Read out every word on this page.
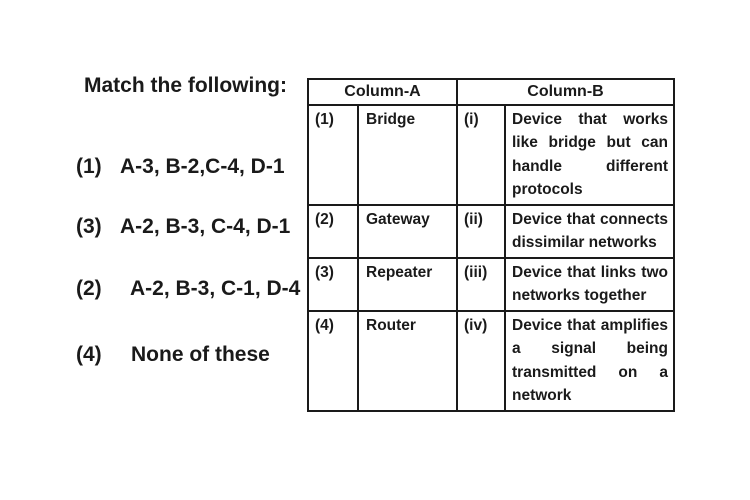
Match the following:
(1) A-3, B-2,C-4, D-1
(3) A-2, B-3, C-4, D-1
(2) A-2, B-3, C-1, D-4
(4) None of these
Column-A		Column-B	
(1)	Bridge	(i)	Device that works
like bridge but can
handle different
protocols

(2)	Gateway	(ii)	Device that connects
dissimilar networks

(3)	Repeater	(iii)	Device that links two
networks together

(4)	Router	(iv)	Device that amplifies
a signal being
transmitted on a
network
